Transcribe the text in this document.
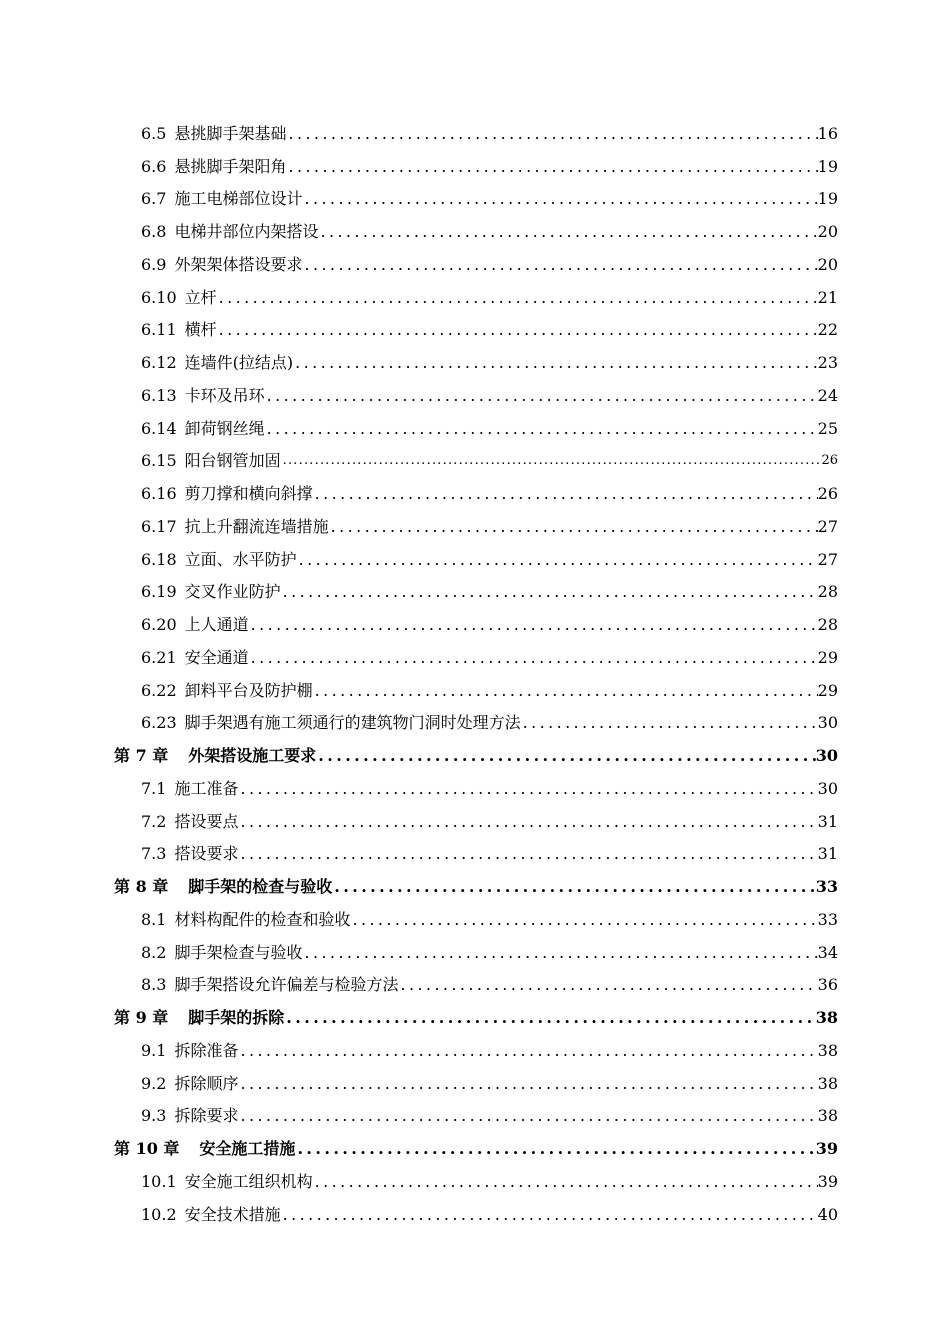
6.5 悬挑脚手架基础 .....	16
6.6 悬挑脚手架阳角 .....	19
6.7 施工电梯部位设计 .....	19
6.8 电梯井部位内架搭设 .....	20
6.9 外架架体搭设要求 .....	20
6.10 立杆 .....	21
6.11 横杆 .....	22
6.12 连墙件(拉结点) .....	23
6.13 卡环及吊环 .....	24
6.14 卸荷钢丝绳 .....	25
6.15 阳台钢管加固 .....	26
6.16 剪刀撑和横向斜撑 .....	26
6.17 抗上升翻流连墙措施 .....	27
6.18 立面、水平防护 .....	27
6.19 交叉作业防护 .....	28
6.20 上人通道 .....	28
6.21 安全通道 .....	29
6.22 卸料平台及防护棚 .....	29
6.23 脚手架遇有施工须通行的建筑物门洞时处理方法 .....	30
第 7 章 外架搭设施工要求 .....	30
7.1 施工准备 .....	30
7.2 搭设要点 .....	31
7.3 搭设要求 .....	31
第 8 章 脚手架的检查与验收 .....	33
8.1 材料构配件的检查和验收 .....	33
8.2 脚手架检查与验收 .....	34
8.3 脚手架搭设允许偏差与检验方法 .....	36
第 9 章 脚手架的拆除 .....	38
9.1 拆除准备 .....	38
9.2 拆除顺序 .....	38
9.3 拆除要求 .....	38
第 10 章 安全施工措施 .....	39
10.1 安全施工组织机构 .....	39
10.2 安全技术措施 .....	40
